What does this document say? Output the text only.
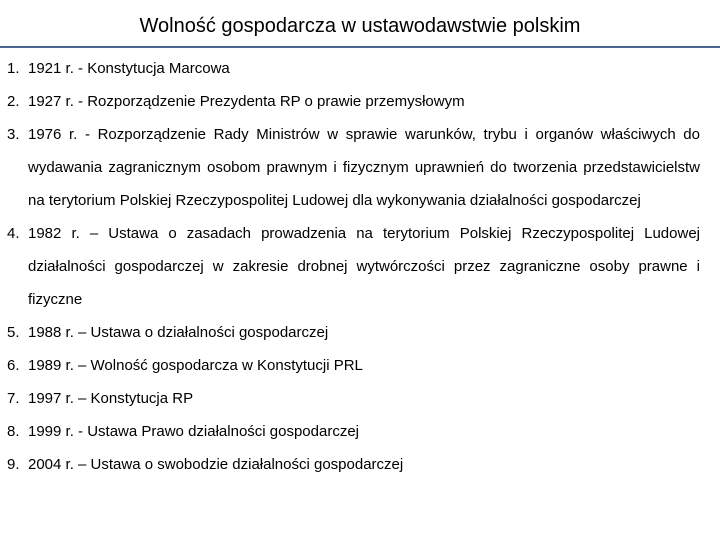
Wolność gospodarcza w ustawodawstwie polskim
1. 1921 r. - Konstytucja Marcowa
2. 1927 r. - Rozporządzenie Prezydenta RP o prawie przemysłowym
3. 1976 r. - Rozporządzenie Rady Ministrów w sprawie warunków, trybu i organów właściwych do wydawania zagranicznym osobom prawnym i fizycznym uprawnień do tworzenia przedstawicielstw na terytorium Polskiej Rzeczypospolitej Ludowej dla wykonywania działalności gospodarczej
4. 1982 r. – Ustawa o zasadach prowadzenia na terytorium Polskiej Rzeczypospolitej Ludowej działalności gospodarczej w zakresie drobnej wytwórczości przez zagraniczne osoby prawne i fizyczne
5. 1988 r. – Ustawa o działalności gospodarczej
6. 1989 r. – Wolność gospodarcza w Konstytucji PRL
7. 1997 r. – Konstytucja RP
8. 1999 r. - Ustawa Prawo działalności gospodarczej
9. 2004 r. – Ustawa o swobodzie działalności gospodarczej
